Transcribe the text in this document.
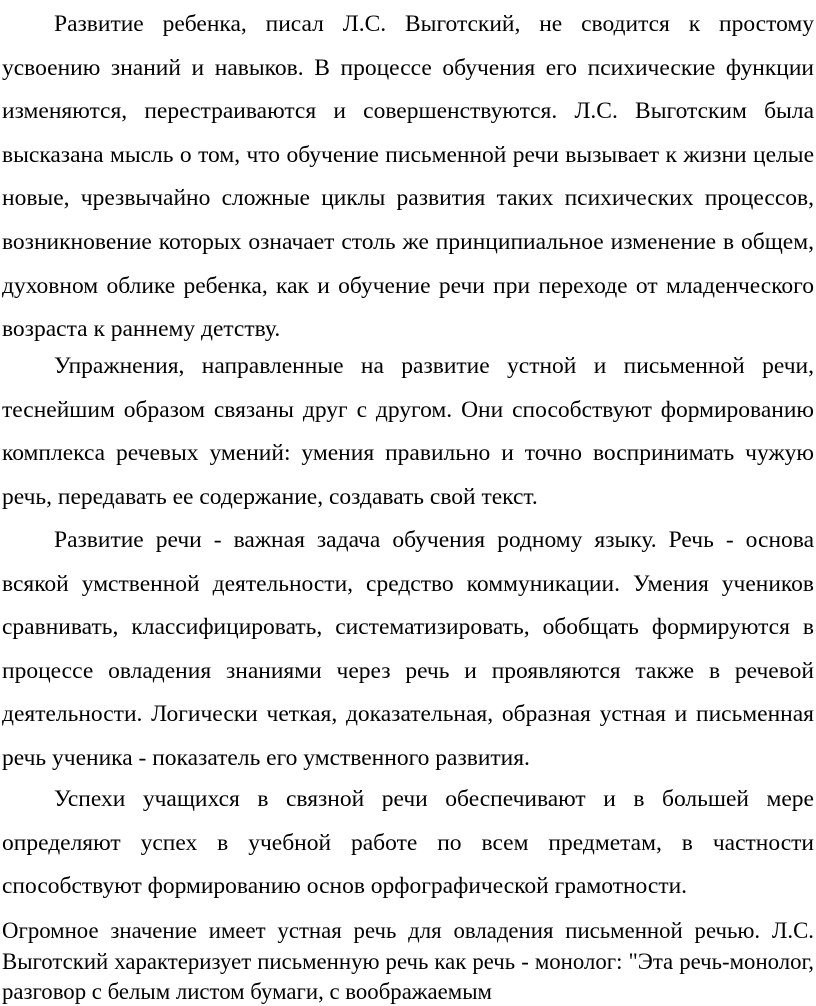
Развитие ребенка, писал Л.С. Выготский, не сводится к простому усвоению знаний и навыков. В процессе обучения его психические функции изменяются, перестраиваются и совершенствуются. Л.С. Выготским была высказана мысль о том, что обучение письменной речи вызывает к жизни целые новые, чрезвычайно сложные циклы развития таких психических процессов, возникновение которых означает столь же принципиальное изменение в общем, духовном облике ребенка, как и обучение речи при переходе от младенческого возраста к раннему детству.

Упражнения, направленные на развитие устной и письменной речи, теснейшим образом связаны друг с другом. Они способствуют формированию комплекса речевых умений: умения правильно и точно воспринимать чужую речь, передавать ее содержание, создавать свой текст.

Развитие речи - важная задача обучения родному языку. Речь - основа всякой умственной деятельности, средство коммуникации. Умения учеников сравнивать, классифицировать, систематизировать, обобщать формируются в процессе овладения знаниями через речь и проявляются также в речевой деятельности. Логически четкая, доказательная, образная устная и письменная речь ученика - показатель его умственного развития.

Успехи учащихся в связной речи обеспечивают и в большей мере определяют успех в учебной работе по всем предметам, в частности способствуют формированию основ орфографической грамотности.

Огромное значение имеет устная речь для овладения письменной речью. Л.С. Выготский характеризует письменную речь как речь - монолог: "Эта речь-монолог, разговор с белым листом бумаги, с воображаемым
